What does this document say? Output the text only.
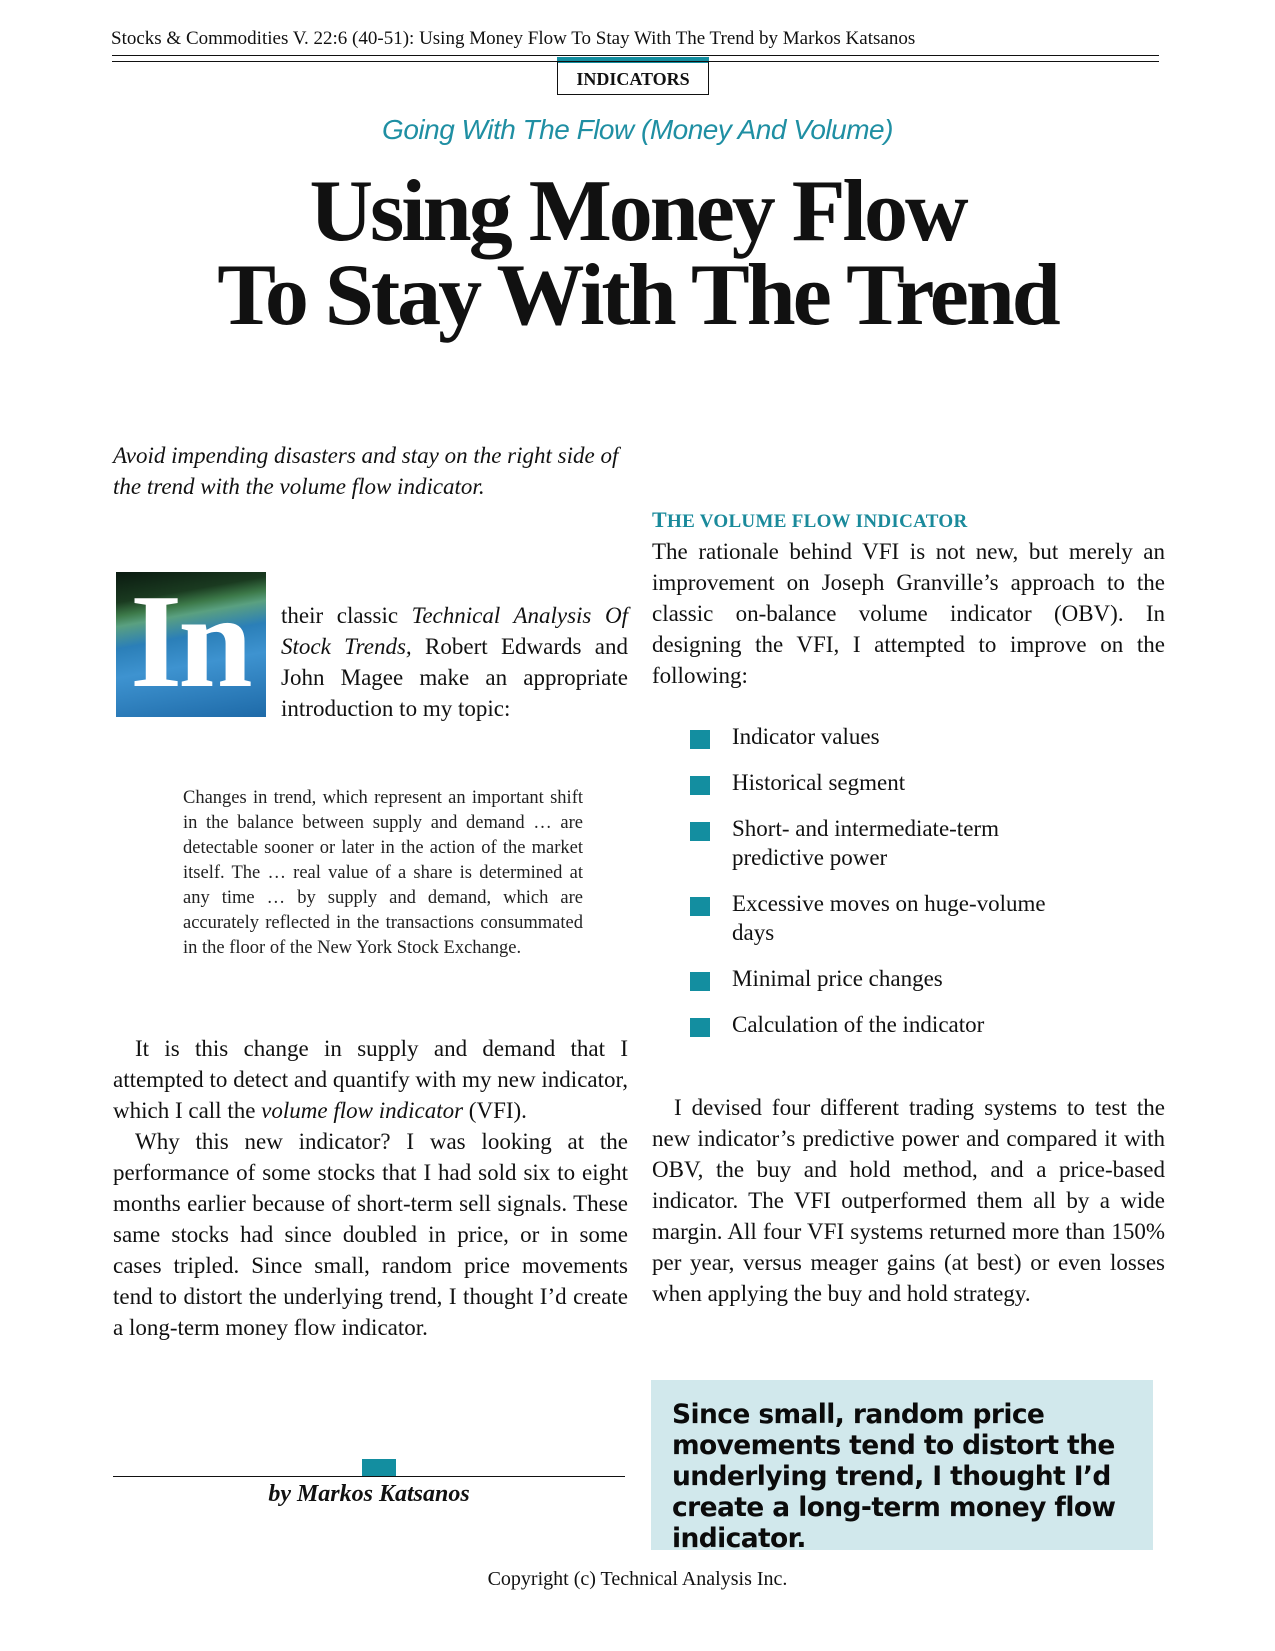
Stocks & Commodities V. 22:6 (40-51): Using Money Flow To Stay With The Trend by Markos Katsanos
INDICATORS
Going With The Flow (Money And Volume)
Using Money Flow
To Stay With The Trend
Avoid impending disasters and stay on the right side of the trend with the volume flow indicator.
In their classic Technical Analysis Of Stock Trends, Robert Edwards and John Magee make an appropriate introduction to my topic:
Changes in trend, which represent an important shift in the balance between supply and demand … are detectable sooner or later in the action of the market itself. The … real value of a share is determined at any time … by supply and demand, which are accurately reflected in the transactions consummated in the floor of the New York Stock Exchange.

It is this change in supply and demand that I attempted to detect and quantify with my new indicator, which I call the volume flow indicator (VFI).

Why this new indicator? I was looking at the performance of some stocks that I had sold six to eight months earlier because of short-term sell signals. These same stocks had since doubled in price, or in some cases tripled. Since small, random price movements tend to distort the underlying trend, I thought I’d create a long-term money flow indicator.

THE VOLUME FLOW INDICATOR

The rationale behind VFI is not new, but merely an improvement on Joseph Granville’s approach to the classic on-balance volume indicator (OBV). In designing the VFI, I attempted to improve on the following:

Indicator values
Historical segment
Short- and intermediate-term predictive power
Excessive moves on huge-volume days
Minimal price changes
Calculation of the indicator

I devised four different trading systems to test the new indicator’s predictive power and compared it with OBV, the buy and hold method, and a price-based indicator. The VFI outperformed them all by a wide margin. All four VFI systems returned more than 150% per year, versus meager gains (at best) or even losses when applying the buy and hold strategy.

by Markos Katsanos
Since small, random price movements tend to distort the underlying trend, I thought I’d create a long-term money flow indicator.
Copyright (c) Technical Analysis Inc.
